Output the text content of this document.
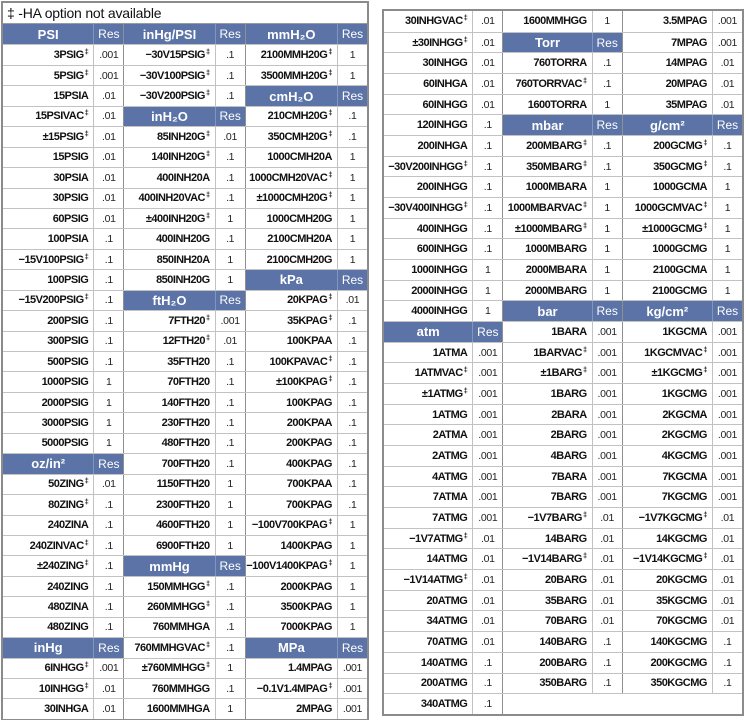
‡ -HA option not available
PSI	Res
3PSIG‡	.001
5PSIG‡	.001
15PSIA	.01
15PSIVAC‡	.01
±15PSIG‡	.01
15PSIG	.01
30PSIA	.01
30PSIG	.01
60PSIG	.01
100PSIA	.1
−15V100PSIG‡	.1
100PSIG	.1
−15V200PSIG‡	.1
200PSIG	.1
300PSIG	.1
500PSIG	.1
1000PSIG	1
2000PSIG	1
3000PSIG	1
5000PSIG	1
oz/in²	Res
50ZING‡	.01
80ZING‡	.1
240ZINA	.1
240ZINVAC‡	.1
±240ZING‡	.1
240ZING	.1
480ZINA	.1
480ZING	.1
inHg	Res
6INHGG‡	.001
10INHGG‡	.01
30INHGA	.01
inHg/PSI	Res
−30V15PSIG‡	.1
−30V100PSIG‡	.1
−30V200PSIG‡	.1
inH₂O	Res
85INH20G‡	.01
140INH20G‡	.1
400INH20A	.1
400INH20VAC‡	.1
±400INH20G‡	1
400INH20G	.1
850INH20A	1
850INH20G	1
ftH₂O	Res
7FTH20‡	.001
12FTH20‡	.01
35FTH20	.1
70FTH20	.1
140FTH20	.1
230FTH20	.1
480FTH20	.1
700FTH20	.1
1150FTH20	1
2300FTH20	1
4600FTH20	1
6900FTH20	1
mmHg	Res
150MMHGG‡	.1
260MMHGG‡	.1
760MMHGA	.1
760MMHGVAC‡	.1
±760MMHGG‡	1
760MMHGG	.1
1600MMHGA	1
mmH₂O	Res
2100MMH20G‡	1
3500MMH20G‡	1
cmH₂O	Res
210CMH20G‡	.1
350CMH20G‡	.1
1000CMH20A	1
1000CMH20VAC‡	1
±1000CMH20G‡	1
1000CMH20G	1
2100CMH20A	1
2100CMH20G	1
kPa	Res
20KPAG‡	.01
35KPAG‡	.1
100KPAA	.1
100KPAVAC‡	.1
±100KPAG‡	.1
100KPAG	.1
200KPAA	.1
200KPAG	.1
400KPAG	.1
700KPAA	.1
700KPAG	.1
−100V700KPAG‡	1
1400KPAG	1
−100V1400KPAG‡	1
2000KPAG	1
3500KPAG	1
7000KPAG	1
MPa	Res
1.4MPAG	.001
−0.1V1.4MPAG‡	.001
2MPAG	.001
30INHGVAC‡	.01
±30INHGG‡	.01
30INHGG	.01
60INHGA	.01
60INHGG	.01
120INHGG	.1
200INHGA	.1
−30V200INHGG‡	.1
200INHGG	.1
−30V400INHGG‡	.1
400INHGG	.1
600INHGG	.1
1000INHGG	1
2000INHGG	1
4000INHGG	1
atm	Res
1ATMA	.001
1ATMVAC‡	.001
±1ATMG‡	.001
1ATMG	.001
2ATMA	.001
2ATMG	.001
4ATMG	.001
7ATMA	.001
7ATMG	.001
−1V7ATMG‡	.01
14ATMG	.01
−1V14ATMG‡	.01
20ATMG	.01
34ATMG	.01
70ATMG	.01
140ATMG	.1
200ATMG	.1
340ATMG	.1
1600MMHGG	1
Torr	Res
760TORRA	.1
760TORRVAC‡	.1
1600TORRA	1
mbar	Res
200MBARG‡	.1
350MBARG‡	.1
1000MBARA	1
1000MBARVAC‡	1
±1000MBARG‡	1
1000MBARG	1
2000MBARA	1
2000MBARG	1
bar	Res
1BARA	.001
1BARVAC‡	.001
±1BARG‡	.001
1BARG	.001
2BARA	.001
2BARG	.001
4BARG	.001
7BARA	.001
7BARG	.001
−1V7BARG‡	.01
14BARG	.01
−1V14BARG‡	.01
20BARG	.01
35BARG	.01
70BARG	.01
140BARG	.1
200BARG	.1
350BARG	.1
3.5MPAG	.001
7MPAG	.001
14MPAG	.01
20MPAG	.01
35MPAG	.01
g/cm²	Res
200GCMG‡	.1
350GCMG‡	.1
1000GCMA	1
1000GCMVAC‡	1
±1000GCMG‡	1
1000GCMG	1
2100GCMA	1
2100GCMG	1
kg/cm²	Res
1KGCMA	.001
1KGCMVAC‡	.001
±1KGCMG‡	.001
1KGCMG	.001
2KGCMA	.001
2KGCMG	.001
4KGCMG	.001
7KGCMA	.001
7KGCMG	.001
−1V7KGCMG‡	.01
14KGCMG	.01
−1V14KGCMG‡	.01
20KGCMG	.01
35KGCMG	.01
70KGCMG	.01
140KGCMG	.1
200KGCMG	.1
350KGCMG	.1
